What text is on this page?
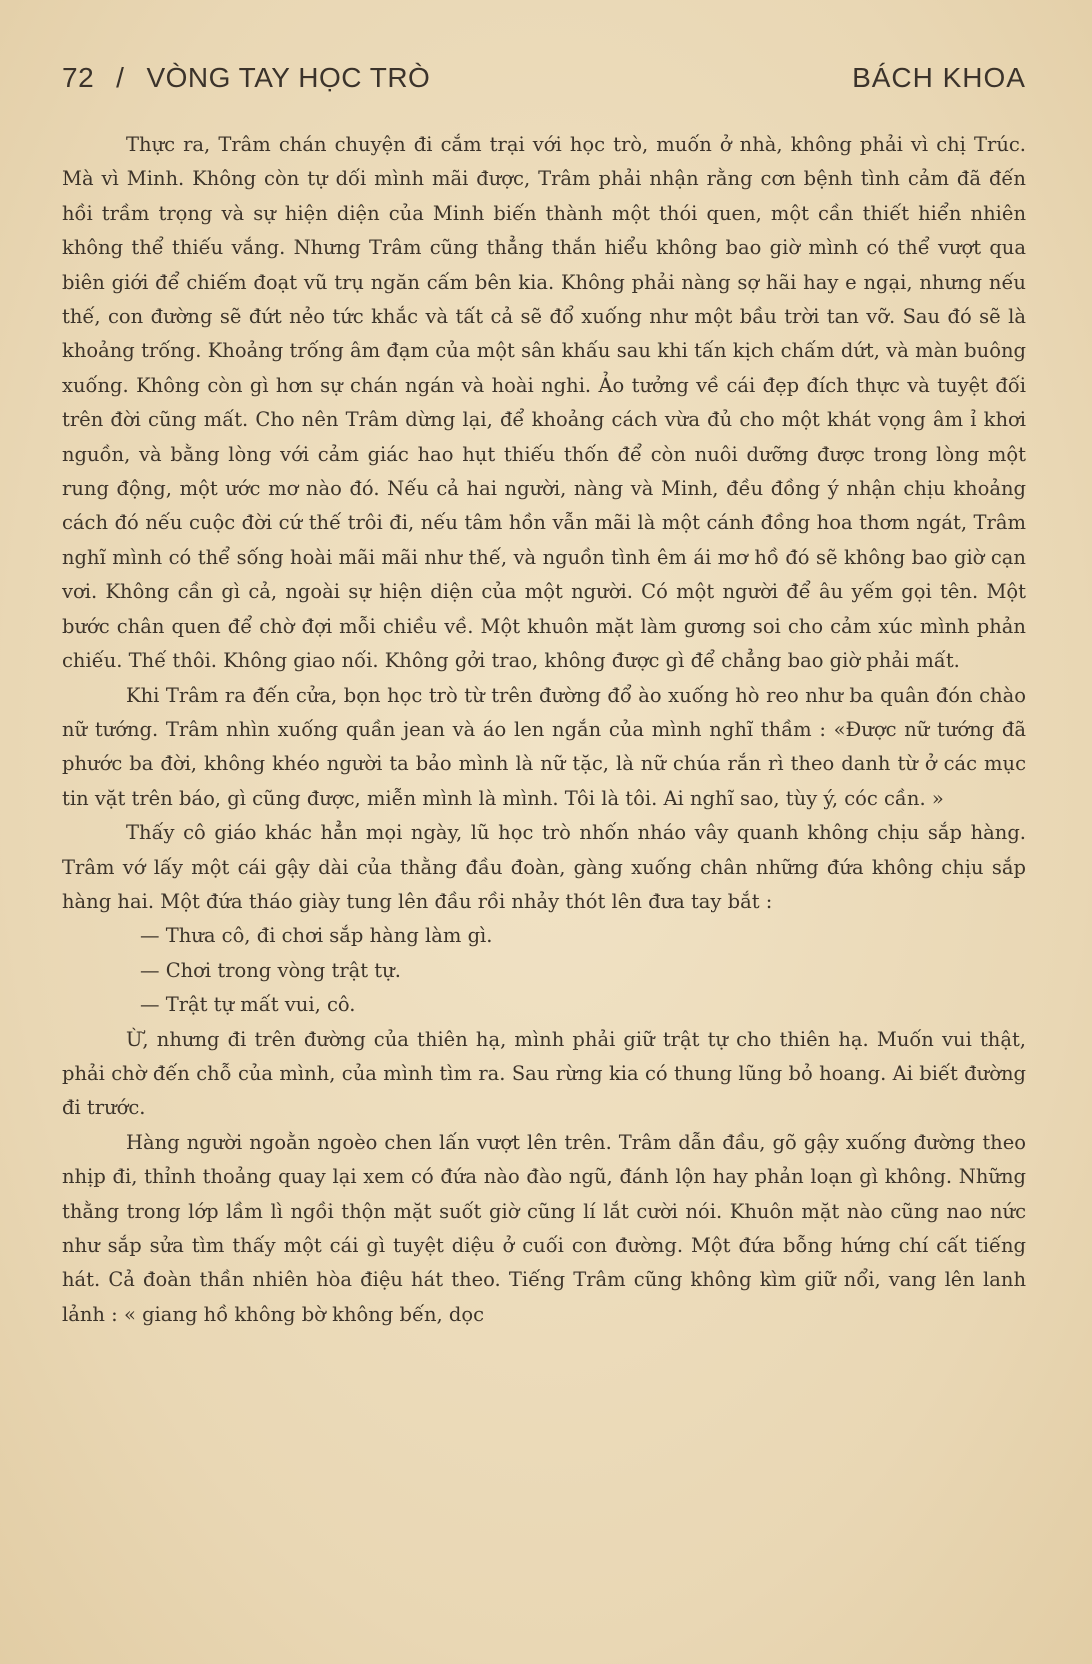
72 / VÒNG TAY HỌC TRÒ	BÁCH KHOA

Thực ra, Trâm chán chuyện đi cắm trại với học trò, muốn ở nhà, không phải vì chị Trúc. Mà vì Minh. Không còn tự dối mình mãi được, Trâm phải nhận rằng cơn bệnh tình cảm đã đến hồi trầm trọng và sự hiện diện của Minh biến thành một thói quen, một cần thiết hiển nhiên không thể thiếu vắng. Nhưng Trâm cũng thẳng thắn hiểu không bao giờ mình có thể vượt qua biên giới để chiếm đoạt vũ trụ ngăn cấm bên kia. Không phải nàng sợ hãi hay e ngại, nhưng nếu thế, con đường sẽ đứt nẻo tức khắc và tất cả sẽ đổ xuống như một bầu trời tan vỡ. Sau đó sẽ là khoảng trống. Khoảng trống âm đạm của một sân khấu sau khi tấn kịch chấm dứt, và màn buông xuống. Không còn gì hơn sự chán ngán và hoài nghi. Ảo tưởng về cái đẹp đích thực và tuyệt đối trên đời cũng mất. Cho nên Trâm dừng lại, để khoảng cách vừa đủ cho một khát vọng âm ỉ khơi nguồn, và bằng lòng với cảm giác hao hụt thiếu thốn để còn nuôi dưỡng được trong lòng một rung động, một ước mơ nào đó. Nếu cả hai người, nàng và Minh, đều đồng ý nhận chịu khoảng cách đó nếu cuộc đời cứ thế trôi đi, nếu tâm hồn vẫn mãi là một cánh đồng hoa thơm ngát, Trâm nghĩ mình có thể sống hoài mãi mãi như thế, và nguồn tình êm ái mơ hồ đó sẽ không bao giờ cạn vơi. Không cần gì cả, ngoài sự hiện diện của một người. Có một người để âu yếm gọi tên. Một bước chân quen để chờ đợi mỗi chiều về. Một khuôn mặt làm gương soi cho cảm xúc mình phản chiếu. Thế thôi. Không giao nối. Không gởi trao, không được gì để chẳng bao giờ phải mất.

Khi Trâm ra đến cửa, bọn học trò từ trên đường đổ ào xuống hò reo như ba quân đón chào nữ tướng. Trâm nhìn xuống quần jean và áo len ngắn của mình nghĩ thầm : «Được nữ tướng đã phước ba đời, không khéo người ta bảo mình là nữ tặc, là nữ chúa rắn rì theo danh từ ở các mục tin vặt trên báo, gì cũng được, miễn mình là mình. Tôi là tôi. Ai nghĩ sao, tùy ý, cóc cần. »

Thấy cô giáo khác hẳn mọi ngày, lũ học trò nhốn nháo vây quanh không chịu sắp hàng. Trâm vớ lấy một cái gậy dài của thằng đầu đoàn, gàng xuống chân những đứa không chịu sắp hàng hai. Một đứa tháo giày tung lên đầu rồi nhảy thót lên đưa tay bắt :

— Thưa cô, đi chơi sắp hàng làm gì.

— Chơi trong vòng trật tự.

— Trật tự mất vui, cô.

Ừ, nhưng đi trên đường của thiên hạ, mình phải giữ trật tự cho thiên hạ. Muốn vui thật, phải chờ đến chỗ của mình, của mình tìm ra. Sau rừng kia có thung lũng bỏ hoang. Ai biết đường đi trước.

Hàng người ngoằn ngoèo chen lấn vượt lên trên. Trâm dẫn đầu, gõ gậy xuống đường theo nhịp đi, thỉnh thoảng quay lại xem có đứa nào đào ngũ, đánh lộn hay phản loạn gì không. Những thằng trong lớp lầm lì ngồi thộn mặt suốt giờ cũng lí lắt cười nói. Khuôn mặt nào cũng nao nức như sắp sửa tìm thấy một cái gì tuyệt diệu ở cuối con đường. Một đứa bỗng hứng chí cất tiếng hát. Cả đoàn thần nhiên hòa điệu hát theo. Tiếng Trâm cũng không kìm giữ nổi, vang lên lanh lảnh : « giang hồ không bờ không bến, dọc
